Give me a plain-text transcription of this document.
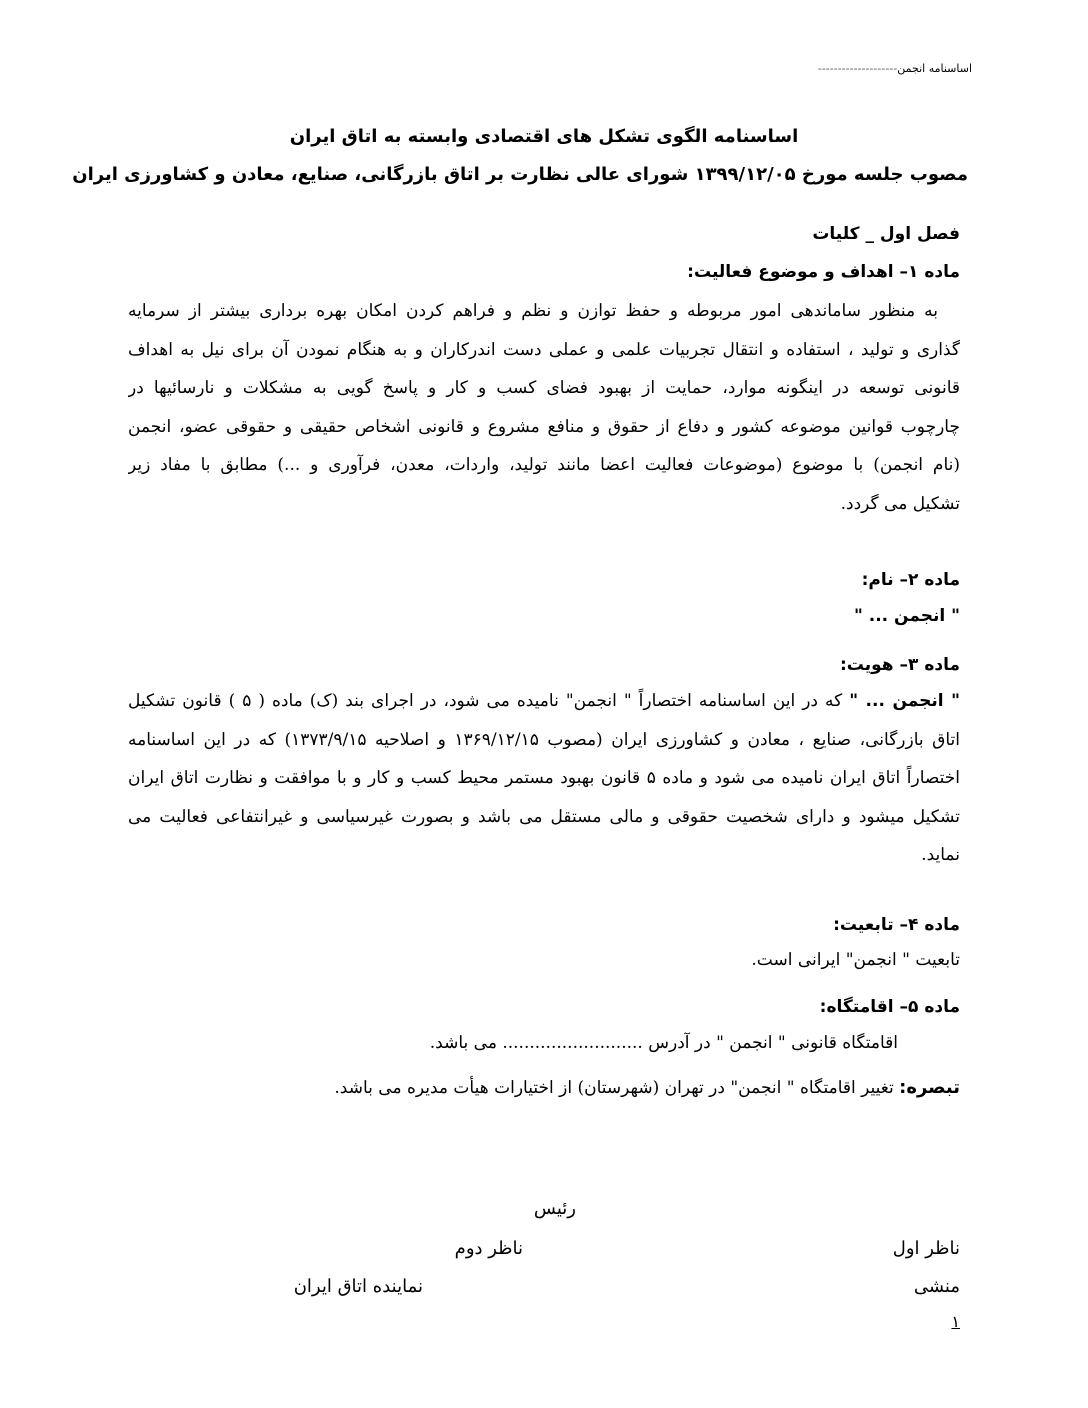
اساسنامه انجمن--------------------
اساسنامه الگوی تشکل های اقتصادی وابسته به اتاق ایران
مصوب جلسه مورخ ۱۳۹۹/۱۲/۰۵ شورای عالی نظارت بر اتاق بازرگانی، صنایع، معادن و کشاورزی ایران
فصل اول _ کلیات
ماده ۱– اهداف و موضوع فعالیت:
به منظور ساماندهی امور مربوطه و حفظ توازن و نظم و فراهم کردن امکان بهره برداری بیشتر از سرمایه
گذاری و تولید ، استفاده و انتقال تجربیات علمی و عملی دست اندرکاران و به هنگام نمودن آن برای نیل به اهداف
قانونی توسعه در اینگونه موارد، حمایت از بهبود فضای کسب و کار و پاسخ گویی به مشکلات و نارسائیها در
چارچوب قوانین موضوعه کشور و دفاع از حقوق و منافع مشروع و قانونی اشخاص حقیقی و حقوقی عضو، انجمن
(نام انجمن) با موضوع (موضوعات فعالیت اعضا مانند تولید، واردات، معدن، فرآوری و ...) مطابق با مفاد زیر
تشکیل می گردد.
ماده ۲– نام:
" انجمن ... "
ماده ۳– هویت:
" انجمن ... " که در این اساسنامه اختصاراً " انجمن" نامیده می شود، در اجرای بند (ک) ماده ( ۵ ) قانون تشکیل
اتاق بازرگانی، صنایع ، معادن و کشاورزی ایران (مصوب ۱۳۶۹/۱۲/۱۵ و اصلاحیه ۱۳۷۳/۹/۱۵) که در این اساسنامه
اختصاراً اتاق ایران نامیده می شود و ماده ۵ قانون بهبود مستمر محیط کسب و کار و با موافقت و نظارت اتاق ایران
تشکیل میشود و دارای شخصیت حقوقی و مالی مستقل می باشد و بصورت غیرسیاسی و غیرانتفاعی فعالیت می
نماید.
ماده ۴– تابعیت:
تابعیت " انجمن" ایرانی است.
ماده ۵– اقامتگاه:
اقامتگاه قانونی " انجمن " در آدرس .......................... می باشد.
تبصره: تغییر اقامتگاه " انجمن" در تهران (شهرستان) از اختیارات هیأت مدیره می باشد.
رئیس
ناظر اول
ناظر دوم
منشی
نماینده اتاق ایران
۱
